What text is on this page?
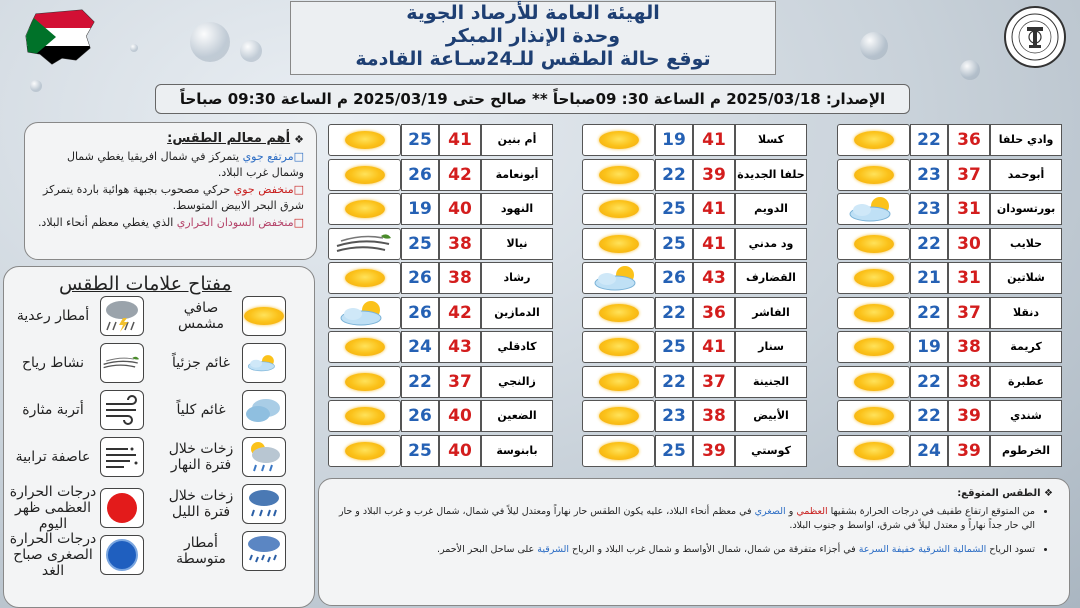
الهيئة العامة للأرصاد الجوية
وحدة الإنذار المبكر
توقع حالة الطقس للـ24سـاعة القادمة
الإصدار: 2025/03/18 م الساعة 30: 09صباحاً ** صالح حتى 2025/03/19 م الساعة 09:30 صباحاً
❖
أهم معالم الطقس:
□مرتفع جوي يتمركز في شمال افريقيا يغطي شمال وشمال غرب البلاد.
□منخفض جوي حركي مصحوب بجبهة هوائية باردة يتمركز شرق البحر الابيض المتوسط.
□منخفض السودان الحراري الذي يغطي معظم أنحاء البلاد.
مفتاح علامات الطقس
صافي مشمس
أمطار رعدية
غائم جزئياً
نشاط رياح
غائم كلياً
أتربة مثارة
زخات خلال فترة النهار
عاصفة ترابية
زخات خلال فترة الليل
درجات الحرارة العظمى ظهر اليوم
أمطار متوسطة
درجات الحرارة الصغرى صباح الغد
22 36	وادي حلفا
23 37	أبوحمد
23 31	بورتسودان
22 30	حلايب
21 31	شلاتين
22 37	دنقلا
19 38	كريمة
22 38	عطبرة
22 39	شندي
24 39	الخرطوم
19 41	كسلا
22 39	حلفا الجديدة
25 41	الدويم
25 41	ود مدني
26 43	القضارف
22 36	الفاشر
25 41	سنار
22 37	الجنينة
23 38	الأبيض
25 39	كوستي
25 41	أم بنين
26 42	أبونعامة
19 40	النهود
25 38	نيالا
26 38	رشاد
26 42	الدمازين
24 43	كادقلي
22 37	زالنجي
26 40	الضعين
25 40	بابنوسة
❖ الطقس المتوقع:
• من المتوقع ارتفاع طفيف في درجات الحرارة بشقيها العظمي و الصغري في معظم أنحاء البلاد، عليه يكون الطقس حار نهاراً ومعتدل ليلاً في شمال، شمال غرب و غرب البلاد و حار الي حار جداً نهاراً و معتدل ليلاً في شرق، اواسط و جنوب البلاد.
• تسود الرياح الشمالية الشرقية خفيفة السرعة في أجزاء متفرقة من شمال، شمال الأواسط و شمال غرب البلاد و الرياح الشرقية على ساحل البحر الأحمر.
